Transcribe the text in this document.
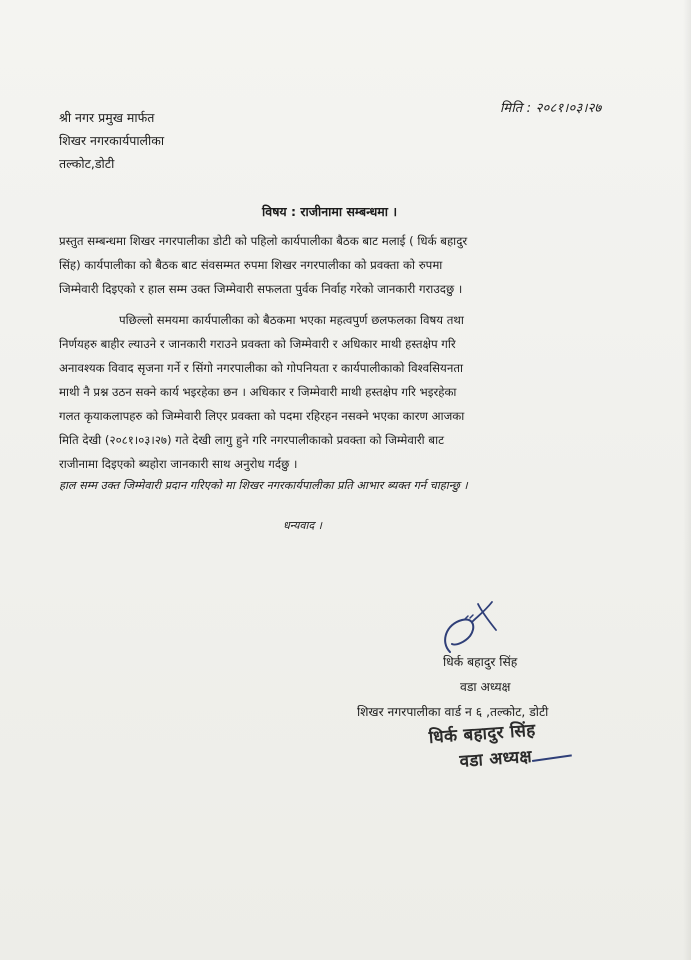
मिति : २०८१।०३।२७
श्री नगर प्रमुख मार्फत
शिखर नगरकार्यपालीका
तल्कोट,डोटी
विषय : राजीनामा सम्बन्धमा ।
प्रस्तुत सम्बन्धमा शिखर नगरपालीका डोटी को पहिलो कार्यपालीका बैठक बाट मलाई ( धिर्क बहादुर
सिंह) कार्यपालीका को बैठक बाट संवसम्मत रुपमा शिखर नगरपालीका को प्रवक्ता को रुपमा
जिम्मेवारी दिइएको र हाल सम्म उक्त जिम्मेवारी सफलता पुर्वक निर्वाह गरेको जानकारी गराउदछु ।
पछिल्लो समयमा कार्यपालीका को बैठकमा भएका महत्वपुर्ण छलफलका विषय तथा
निर्णयहरु बाहीर ल्याउने र जानकारी गराउने प्रवक्ता को जिम्मेवारी र अधिकार माथी हस्तक्षेप गरि
अनावश्यक विवाद सृजना गर्ने र सिंगो नगरपालीका को गोपनियता र कार्यपालीकाको विश्वसियनता
माथी नै प्रश्न उठन सक्ने कार्य भइरहेका छन । अधिकार र जिम्मेवारी माथी हस्तक्षेप गरि भइरहेका
गलत कृयाकलापहरु को जिम्मेवारी लिएर प्रवक्ता को पदमा रहिरहन नसक्ने भएका कारण आजका
मिति देखी (२०८१।०३।२७) गते देखी लागु हुने गरि नगरपालीकाको प्रवक्ता को जिम्मेवारी बाट
राजीनामा दिइएको ब्यहोरा जानकारी साथ अनुरोध गर्दछु ।
हाल सम्म उक्त जिम्मेवारी प्रदान गरिएको मा शिखर नगरकार्यपालीका प्रति आभार ब्यक्त गर्न चाहान्छु ।
धन्यवाद ।
धिर्क बहादुर सिंह
वडा अध्यक्ष
शिखर नगरपालीका वार्ड न ६ ,तल्कोट, डोटी
धिर्क बहादुर सिंह
वडा अध्यक्ष
